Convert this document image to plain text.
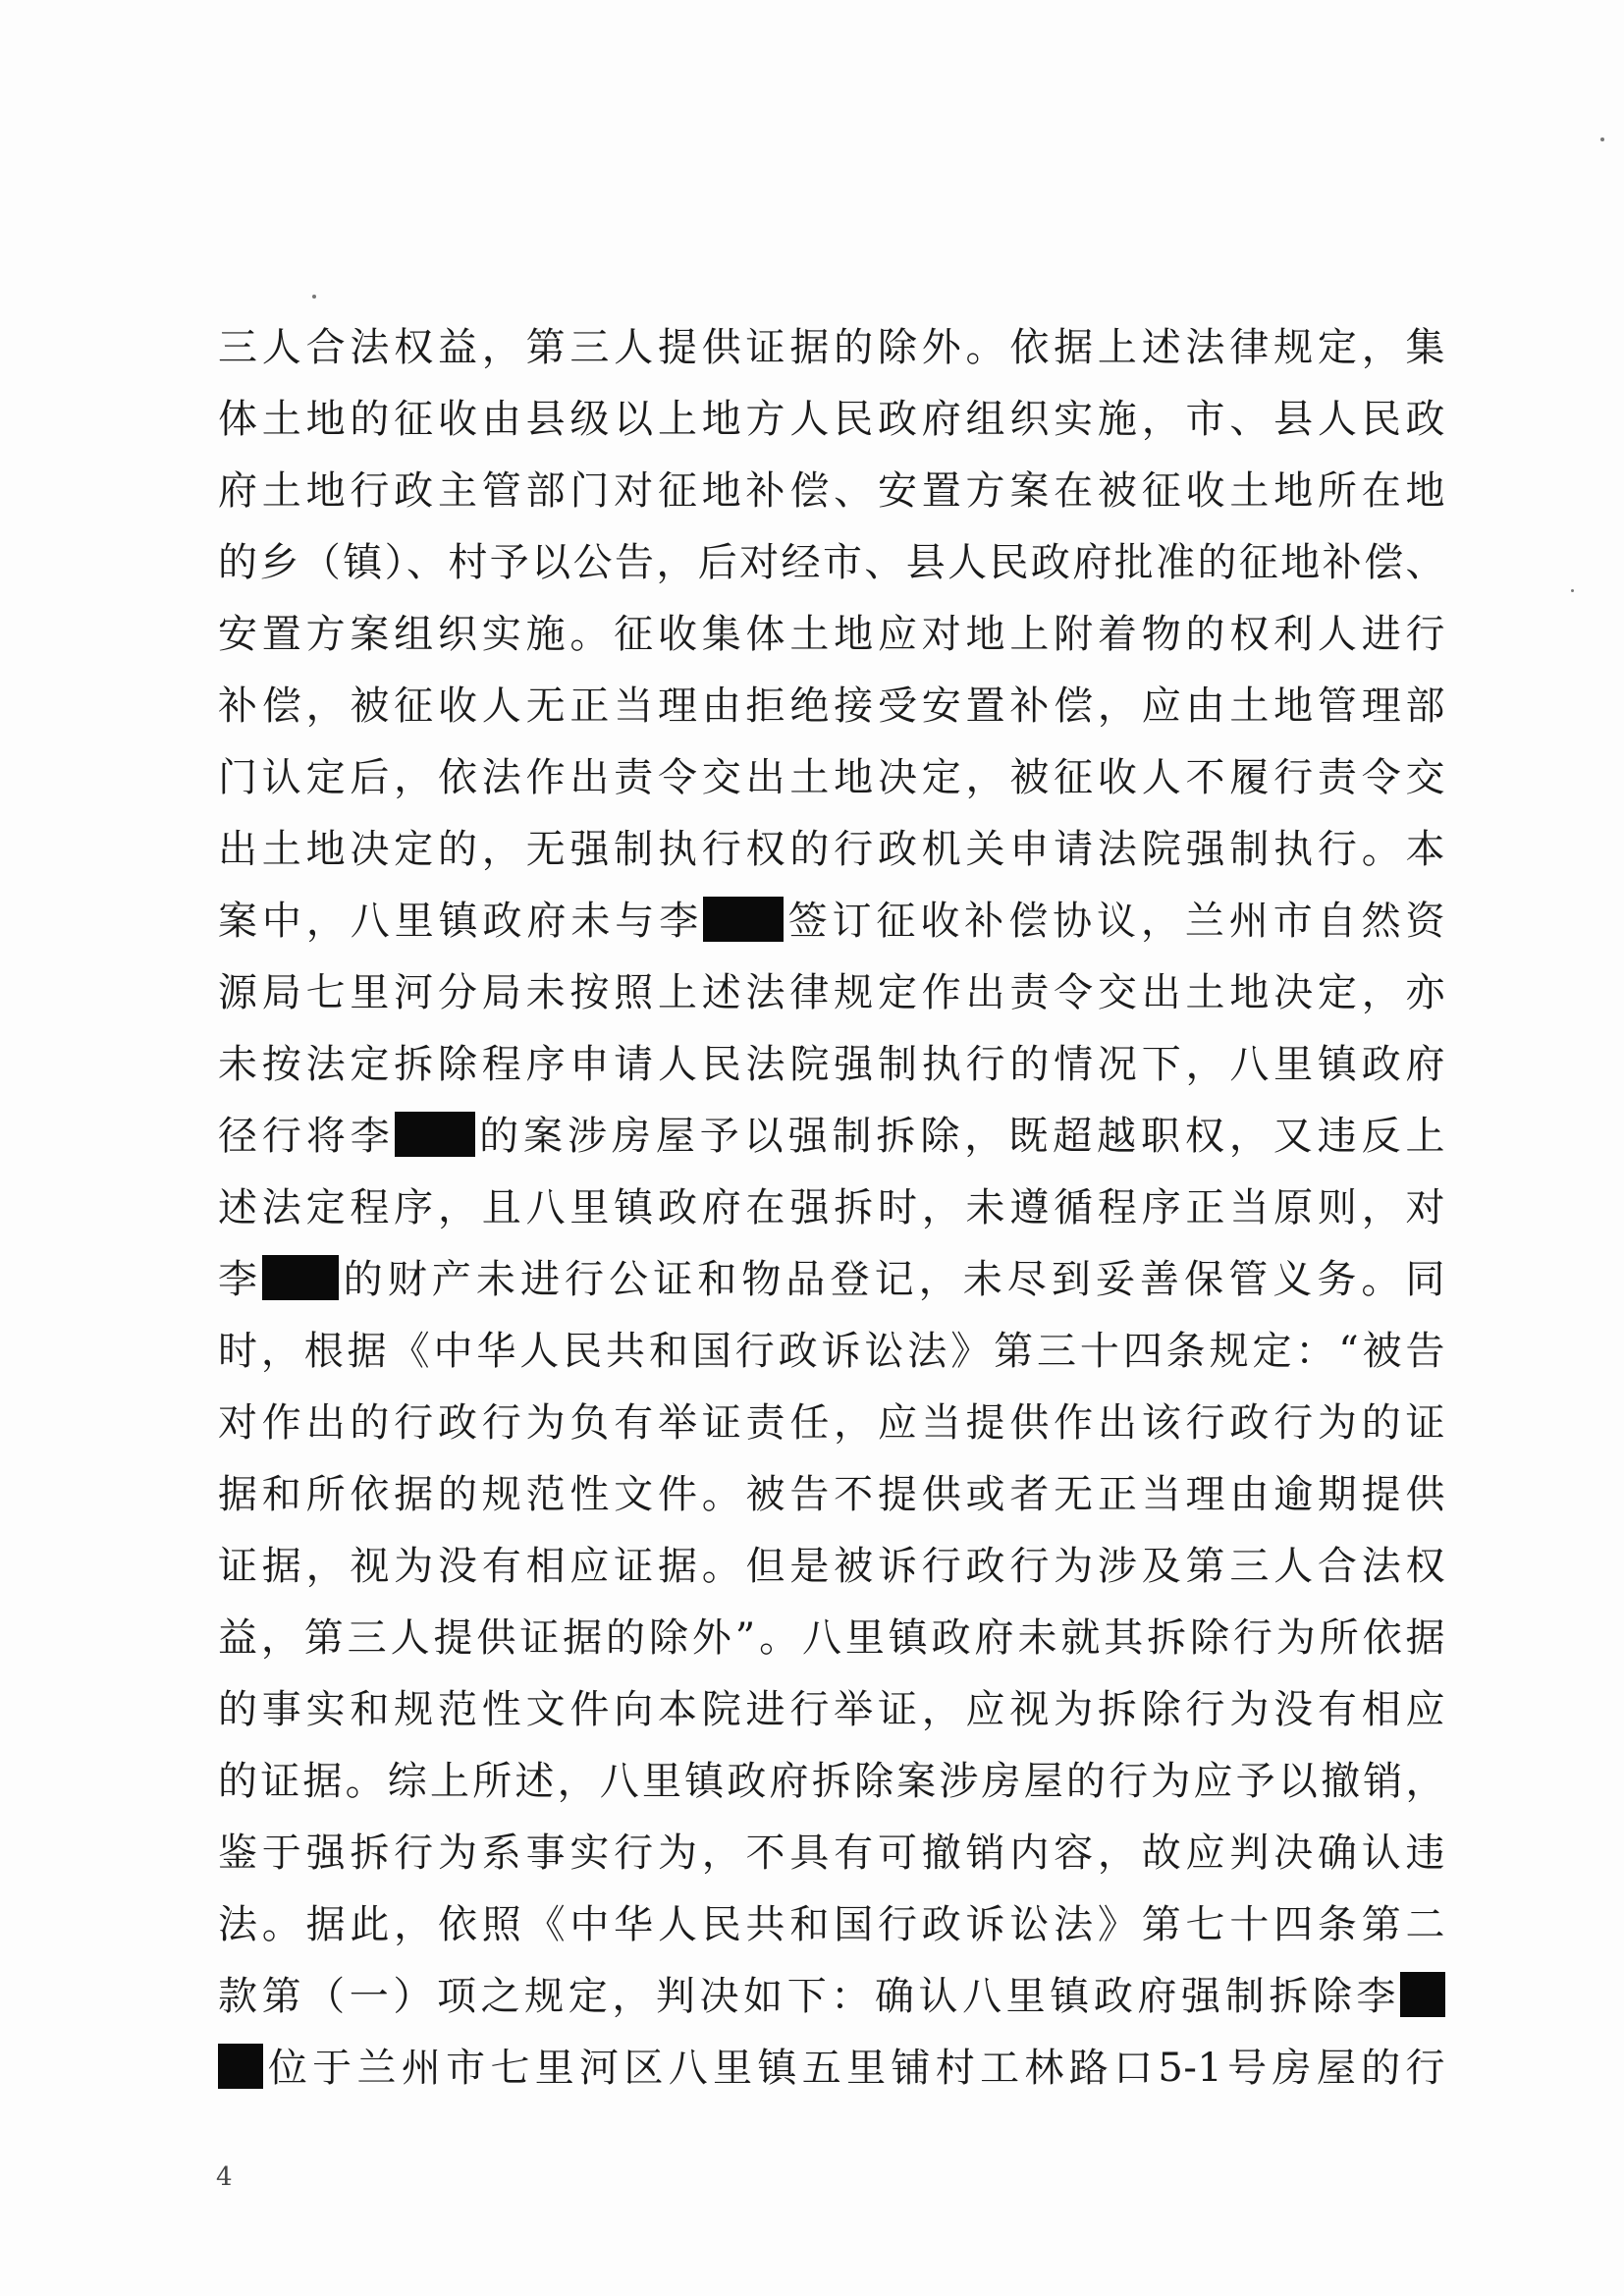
三人合法权益，第三人提供证据的除外。依据上述法律规定，集
体土地的征收由县级以上地方人民政府组织实施，市、县人民政
府土地行政主管部门对征地补偿、安置方案在被征收土地所在地
的乡（镇）、村予以公告，后对经市、县人民政府批准的征地补偿、
安置方案组织实施。征收集体土地应对地上附着物的权利人进行
补偿，被征收人无正当理由拒绝接受安置补偿，应由土地管理部
门认定后，依法作出责令交出土地决定，被征收人不履行责令交
出土地决定的，无强制执行权的行政机关申请法院强制执行。本
案中，八里镇政府未与李 签订征收补偿协议，兰州市自然资
源局七里河分局未按照上述法律规定作出责令交出土地决定，亦
未按法定拆除程序申请人民法院强制执行的情况下，八里镇政府
径行将李 的案涉房屋予以强制拆除，既超越职权，又违反上
述法定程序，且八里镇政府在强拆时，未遵循程序正当原则，对
李 的财产未进行公证和物品登记，未尽到妥善保管义务。同
时，根据《中华人民共和国行政诉讼法》第三十四条规定：“被告
对作出的行政行为负有举证责任，应当提供作出该行政行为的证
据和所依据的规范性文件。被告不提供或者无正当理由逾期提供
证据，视为没有相应证据。但是被诉行政行为涉及第三人合法权
益，第三人提供证据的除外”。八里镇政府未就其拆除行为所依据
的事实和规范性文件向本院进行举证，应视为拆除行为没有相应
的证据。综上所述，八里镇政府拆除案涉房屋的行为应予以撤销，
鉴于强拆行为系事实行为，不具有可撤销内容，故应判决确认违
法。据此，依照《中华人民共和国行政诉讼法》第七十四条第二
款第（一）项之规定，判决如下：确认八里镇政府强制拆除李
位于兰州市七里河区八里镇五里铺村工林路口5-1号房屋的行
4
